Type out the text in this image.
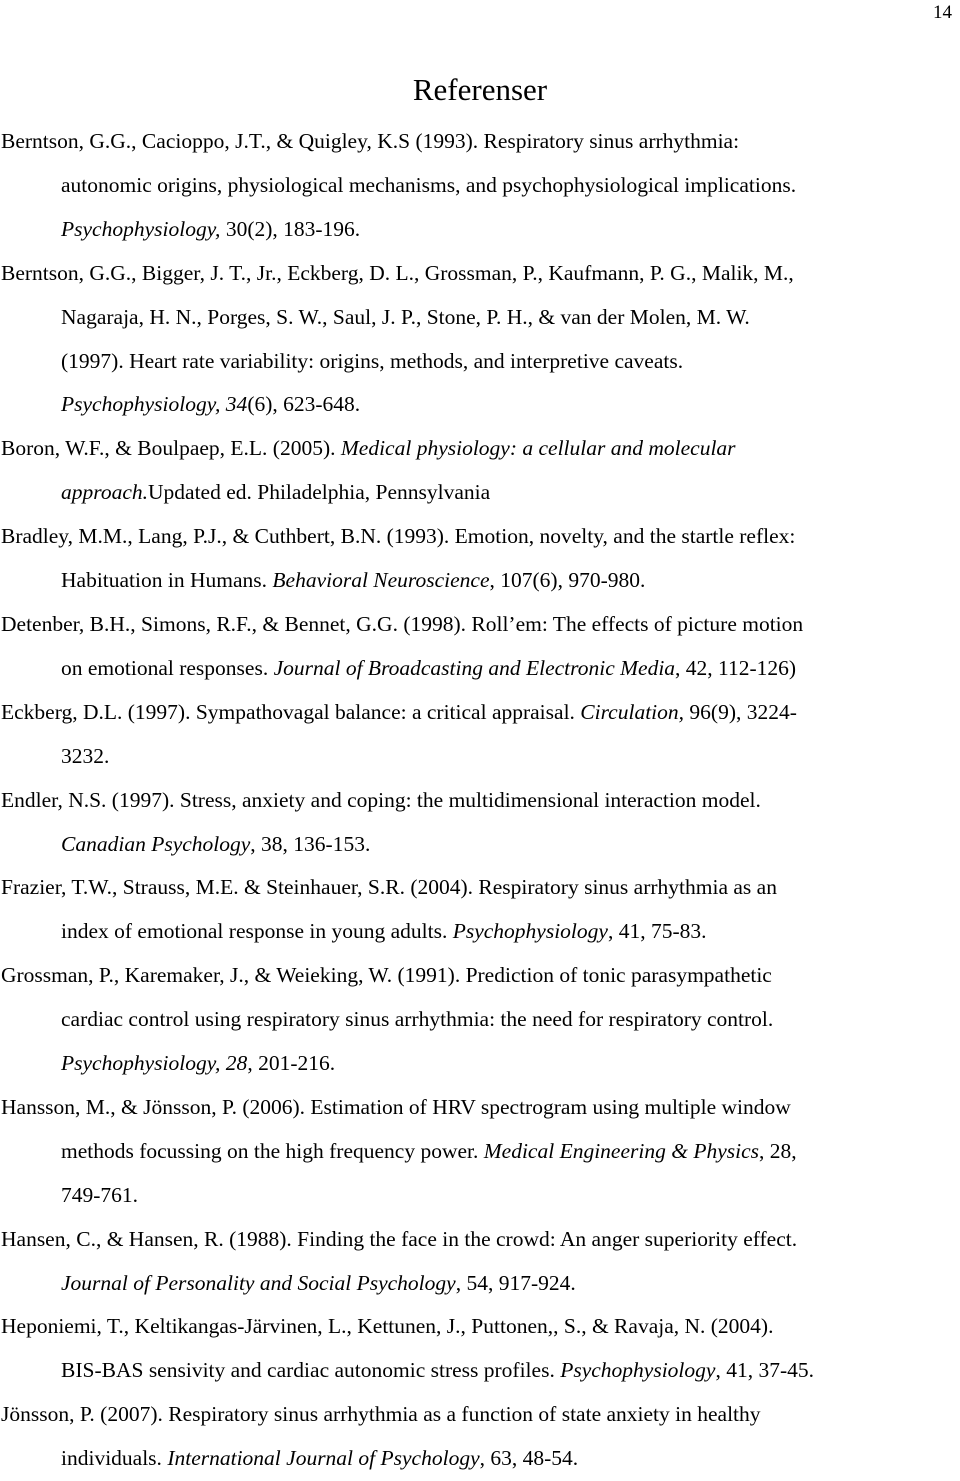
14
Referenser
Berntson, G.G., Cacioppo, J.T., & Quigley, K.S (1993). Respiratory sinus arrhythmia:
autonomic origins, physiological mechanisms, and psychophysiological implications.
Psychophysiology, 30(2), 183-196.
Berntson, G.G., Bigger, J. T., Jr., Eckberg, D. L., Grossman, P., Kaufmann, P. G., Malik, M.,
Nagaraja, H. N., Porges, S. W., Saul, J. P., Stone, P. H., & van der Molen, M. W.
(1997). Heart rate variability: origins, methods, and interpretive caveats.
Psychophysiology, 34(6), 623-648.
Boron, W.F., & Boulpaep, E.L. (2005). Medical physiology: a cellular and molecular
approach.Updated ed. Philadelphia, Pennsylvania
Bradley, M.M., Lang, P.J., & Cuthbert, B.N. (1993). Emotion, novelty, and the startle reflex:
Habituation in Humans. Behavioral Neuroscience, 107(6), 970-980.
Detenber, B.H., Simons, R.F., & Bennet, G.G. (1998). Roll’em: The effects of picture motion
on emotional responses. Journal of Broadcasting and Electronic Media, 42, 112-126)
Eckberg, D.L. (1997). Sympathovagal balance: a critical appraisal. Circulation, 96(9), 3224-
3232.
Endler, N.S. (1997). Stress, anxiety and coping: the multidimensional interaction model.
Canadian Psychology, 38, 136-153.
Frazier, T.W., Strauss, M.E. & Steinhauer, S.R. (2004). Respiratory sinus arrhythmia as an
index of emotional response in young adults. Psychophysiology, 41, 75-83.
Grossman, P., Karemaker, J., & Weieking, W. (1991). Prediction of tonic parasympathetic
cardiac control using respiratory sinus arrhythmia: the need for respiratory control.
Psychophysiology, 28, 201-216.
Hansson, M., & Jönsson, P. (2006). Estimation of HRV spectrogram using multiple window
methods focussing on the high frequency power. Medical Engineering & Physics, 28,
749-761.
Hansen, C., & Hansen, R. (1988). Finding the face in the crowd: An anger superiority effect.
Journal of Personality and Social Psychology, 54, 917-924.
Heponiemi, T., Keltikangas-Järvinen, L., Kettunen, J., Puttonen,, S., & Ravaja, N. (2004).
BIS-BAS sensivity and cardiac autonomic stress profiles. Psychophysiology, 41, 37-45.
Jönsson, P. (2007). Respiratory sinus arrhythmia as a function of state anxiety in healthy
individuals. International Journal of Psychology, 63, 48-54.
